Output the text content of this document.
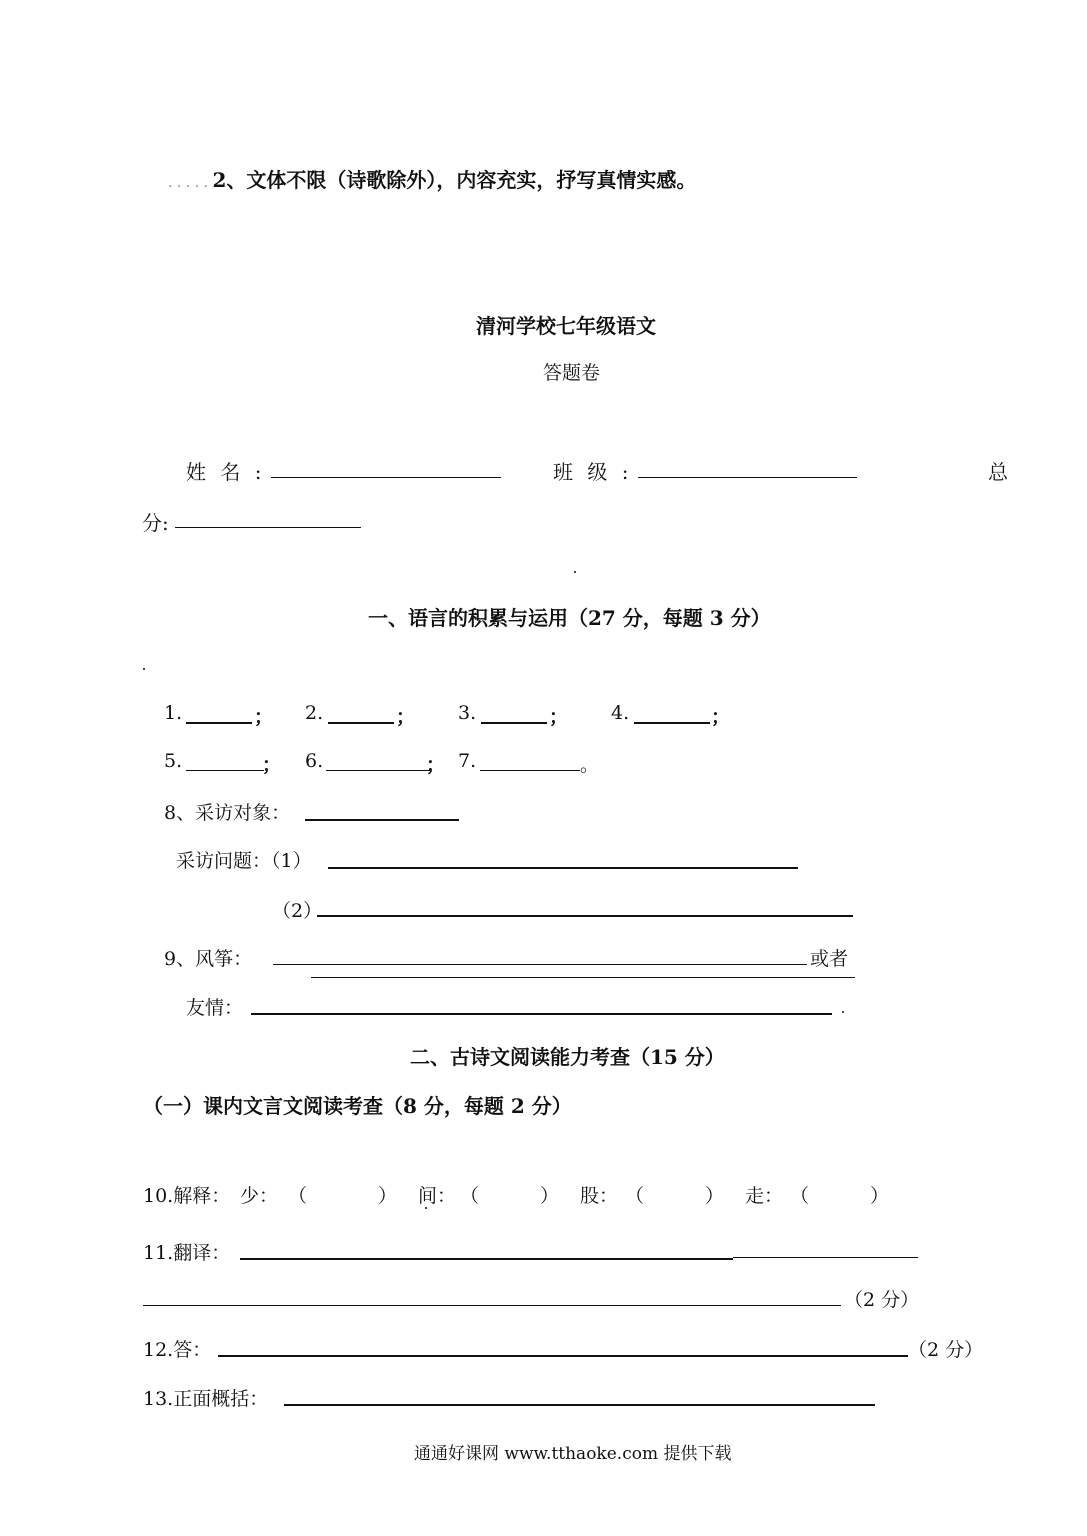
. . . . . 2、文体不限（诗歌除外），内容充实，抒写真情实感。
清河学校七年级语文
答题卷
姓 名 :	班 级 :	总
分:
一、语言的积累与运用（27 分，每题 3 分）
1.	； 2.	； 3.	； 4.	；
5.	； 6.	； 7.	。
8、采访对象：
采访问题：（1）
（2）
9、风筝：	或者
友情：
二、古诗文阅读能力考查（15 分）
（一）课内文言文阅读考查（8 分，每题 2 分）
10.解释： 少： （	） 间： （	） 股： （	） 走： （	）
11.翻译：
（2 分）
12.答：	（2 分）
13.正面概括：
通通好课网 www.tthaoke.com 提供下载
